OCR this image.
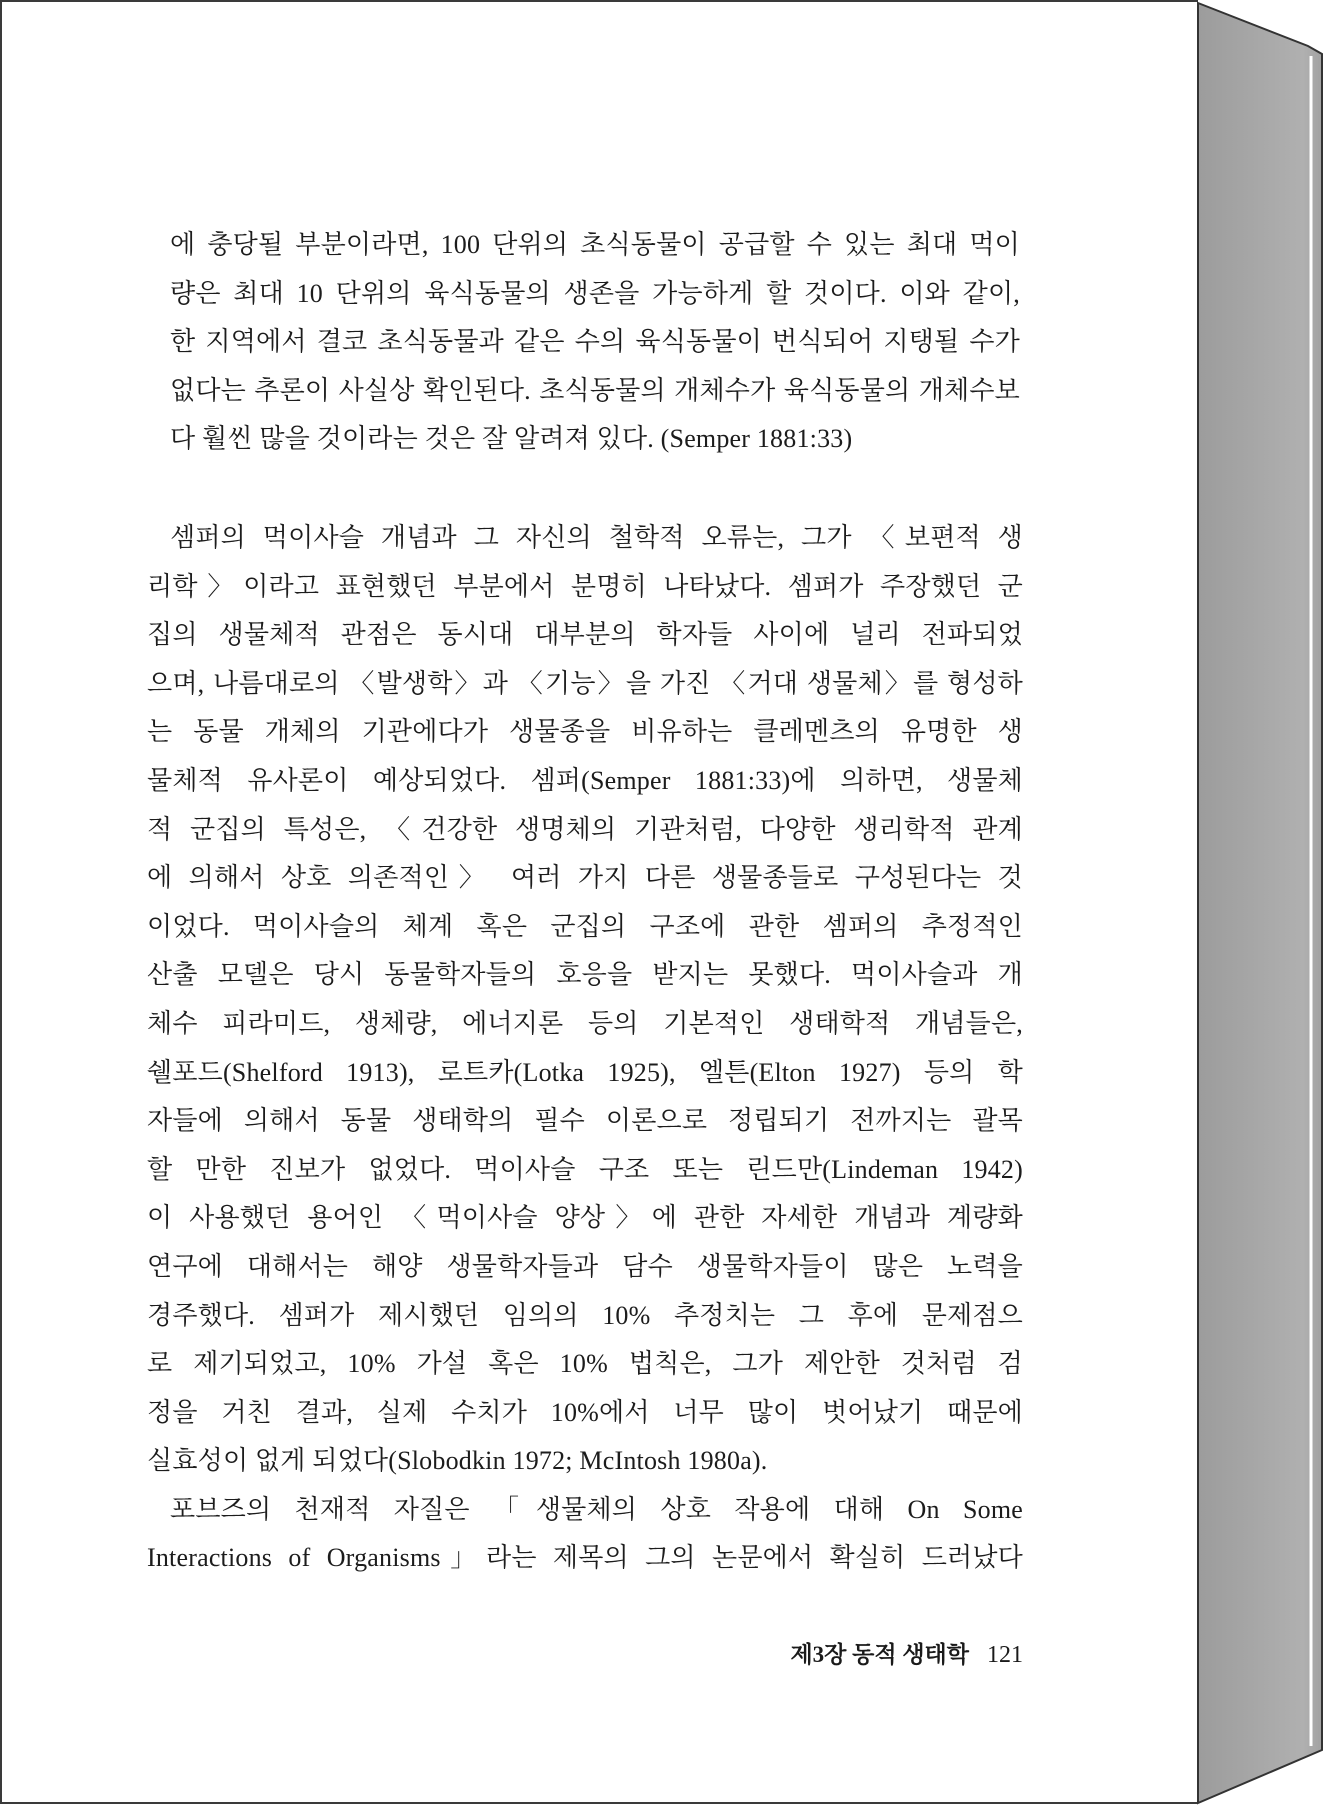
에 충당될 부분이라면, 100 단위의 초식동물이 공급할 수 있는 최대 먹이
량은 최대 10 단위의 육식동물의 생존을 가능하게 할 것이다. 이와 같이,
한 지역에서 결코 초식동물과 같은 수의 육식동물이 번식되어 지탱될 수가
없다는 추론이 사실상 확인된다. 초식동물의 개체수가 육식동물의 개체수보
다 훨씬 많을 것이라는 것은 잘 알려져 있다. (Semper 1881:33)
셈퍼의 먹이사슬 개념과 그 자신의 철학적 오류는, 그가 〈보편적 생
리학〉이라고 표현했던 부분에서 분명히 나타났다. 셈퍼가 주장했던 군
집의 생물체적 관점은 동시대 대부분의 학자들 사이에 널리 전파되었
으며, 나름대로의 〈발생학〉과 〈기능〉을 가진 〈거대 생물체〉를 형성하
는 동물 개체의 기관에다가 생물종을 비유하는 클레멘츠의 유명한 생
물체적 유사론이 예상되었다. 셈퍼(Semper 1881:33)에 의하면, 생물체
적 군집의 특성은, 〈건강한 생명체의 기관처럼, 다양한 생리학적 관계
에 의해서 상호 의존적인〉 여러 가지 다른 생물종들로 구성된다는 것
이었다. 먹이사슬의 체계 혹은 군집의 구조에 관한 셈퍼의 추정적인
산출 모델은 당시 동물학자들의 호응을 받지는 못했다. 먹이사슬과 개
체수 피라미드, 생체량, 에너지론 등의 기본적인 생태학적 개념들은,
쉘포드(Shelford 1913), 로트카(Lotka 1925), 엘튼(Elton 1927) 등의 학
자들에 의해서 동물 생태학의 필수 이론으로 정립되기 전까지는 괄목
할 만한 진보가 없었다. 먹이사슬 구조 또는 린드만(Lindeman 1942)
이 사용했던 용어인 〈먹이사슬 양상〉에 관한 자세한 개념과 계량화
연구에 대해서는 해양 생물학자들과 담수 생물학자들이 많은 노력을
경주했다. 셈퍼가 제시했던 임의의 10% 추정치는 그 후에 문제점으
로 제기되었고, 10% 가설 혹은 10% 법칙은, 그가 제안한 것처럼 검
정을 거친 결과, 실제 수치가 10%에서 너무 많이 벗어났기 때문에
실효성이 없게 되었다(Slobodkin 1972; McIntosh 1980a).
포브즈의 천재적 자질은 「생물체의 상호 작용에 대해 On Some
Interactions of Organisms」라는 제목의 그의 논문에서 확실히 드러났다
제3장 동적 생태학 121
